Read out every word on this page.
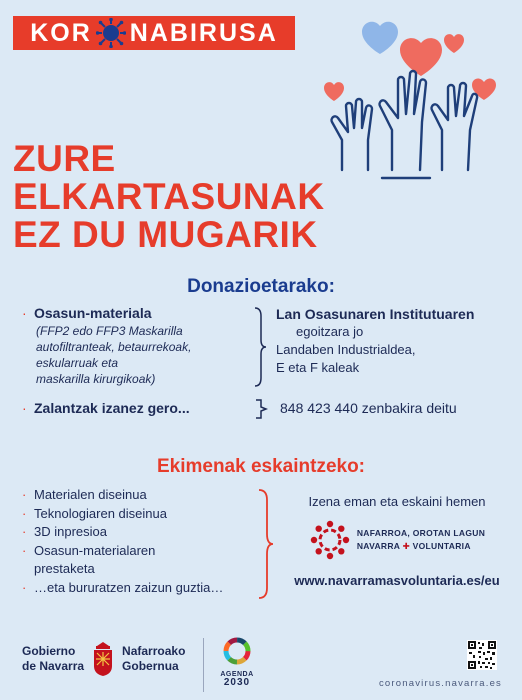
KOR NABIRUSA
ZURE
ELKARTASUNAK
EZ DU MUGARIK
Donazioetarako:
· Osasun-materiala
(FFP2 edo FFP3 Maskarilla
autofiltranteak, betaurrekoak,
eskularruak eta
maskarilla kirurgikoak)
Lan Osasunaren Institutuaren
egoitzara jo
Landaben Industrialdea,
E eta F kaleak
· Zalantzak izanez gero...	848 423 440 zenbakira deitu
Ekimenak eskaintzeko:
· Materialen diseinua
· Teknologiaren diseinua
· 3D inpresioa
· Osasun-materialaren
prestaketa
· …eta bururatzen zaizun guztia…
Izena eman eta eskaini hemen
NAFARROA, OROTAN LAGUN
NAVARRA ✚ VOLUNTARIA
www.navarramasvoluntaria.es/eu
Gobierno
de Navarra
Nafarroako
Gobernua
AGENDA
2030	coronavirus.navarra.es
